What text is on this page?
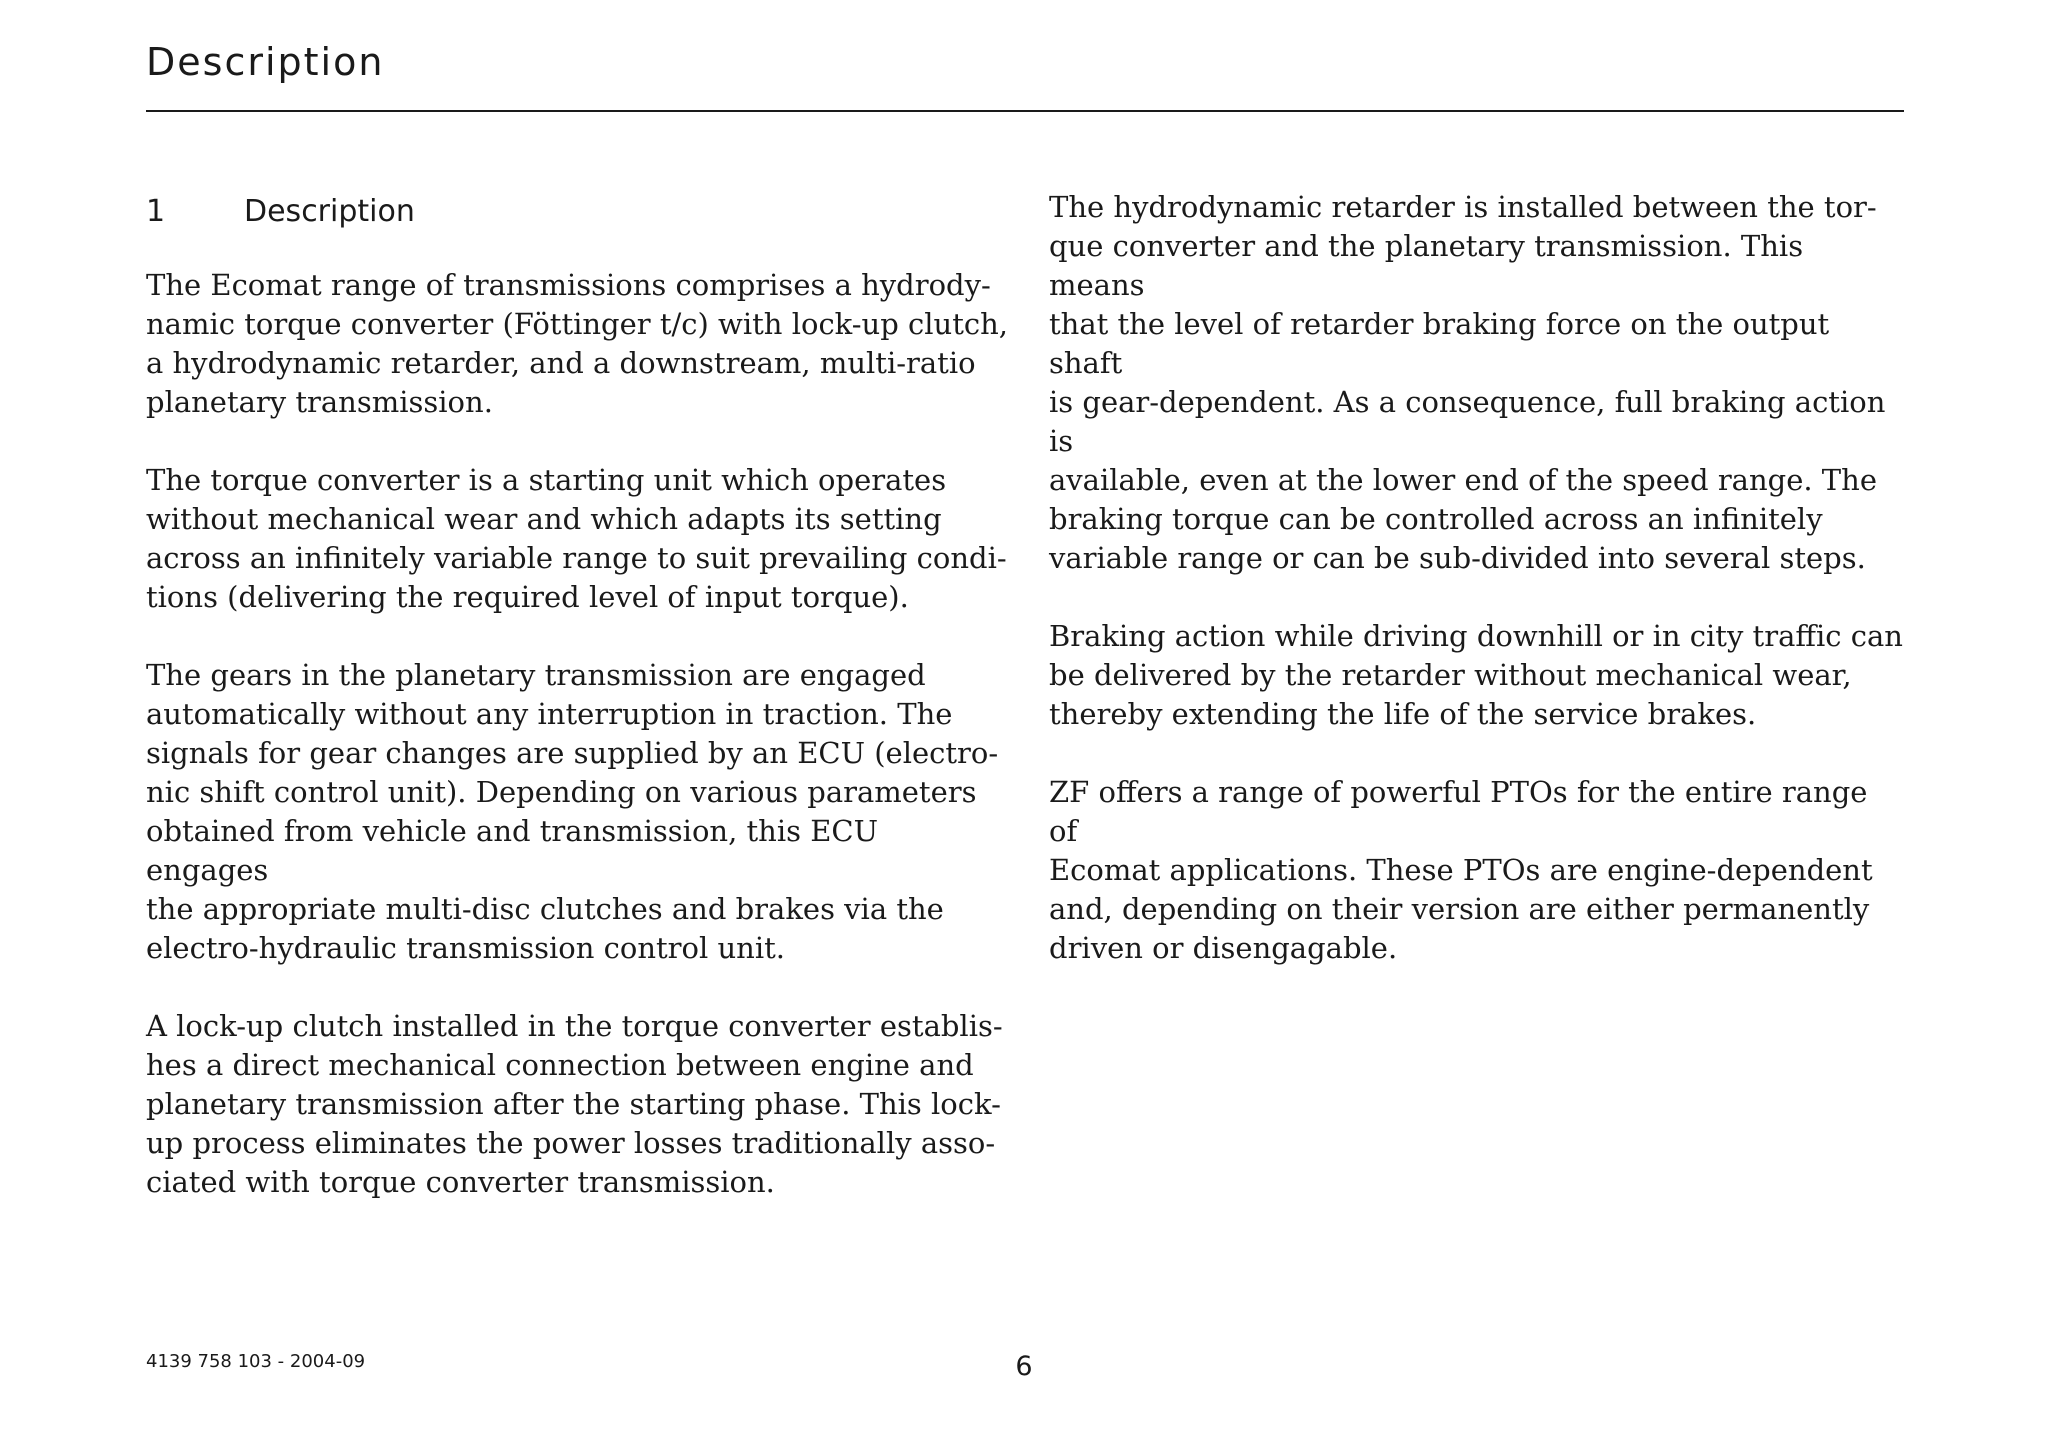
Description
1	Description

The Ecomat range of transmissions comprises a hydrody-
namic torque converter (Föttinger t/c) with lock-up clutch,
a hydrodynamic retarder, and a downstream, multi-ratio
planetary transmission.

The torque converter is a starting unit which operates
without mechanical wear and which adapts its setting
across an infinitely variable range to suit prevailing condi-
tions (delivering the required level of input torque).

The gears in the planetary transmission are engaged
automatically without any interruption in traction. The
signals for gear changes are supplied by an ECU (electro-
nic shift control unit). Depending on various parameters
obtained from vehicle and transmission, this ECU engages
the appropriate multi-disc clutches and brakes via the
electro-hydraulic transmission control unit.

A lock-up clutch installed in the torque converter establis-
hes a direct mechanical connection between engine and
planetary transmission after the starting phase. This lock-
up process eliminates the power losses traditionally asso-
ciated with torque converter transmission.

The hydrodynamic retarder is installed between the tor-
que converter and the planetary transmission. This means
that the level of retarder braking force on the output shaft
is gear-dependent. As a consequence, full braking action is
available, even at the lower end of the speed range. The
braking torque can be controlled across an infinitely
variable range or can be sub-divided into several steps.

Braking action while driving downhill or in city traffic can
be delivered by the retarder without mechanical wear,
thereby extending the life of the service brakes.

ZF offers a range of powerful PTOs for the entire range of
Ecomat applications. These PTOs are engine-dependent
and, depending on their version are either permanently
driven or disengagable.

4139 758 103 - 2004-09	6
